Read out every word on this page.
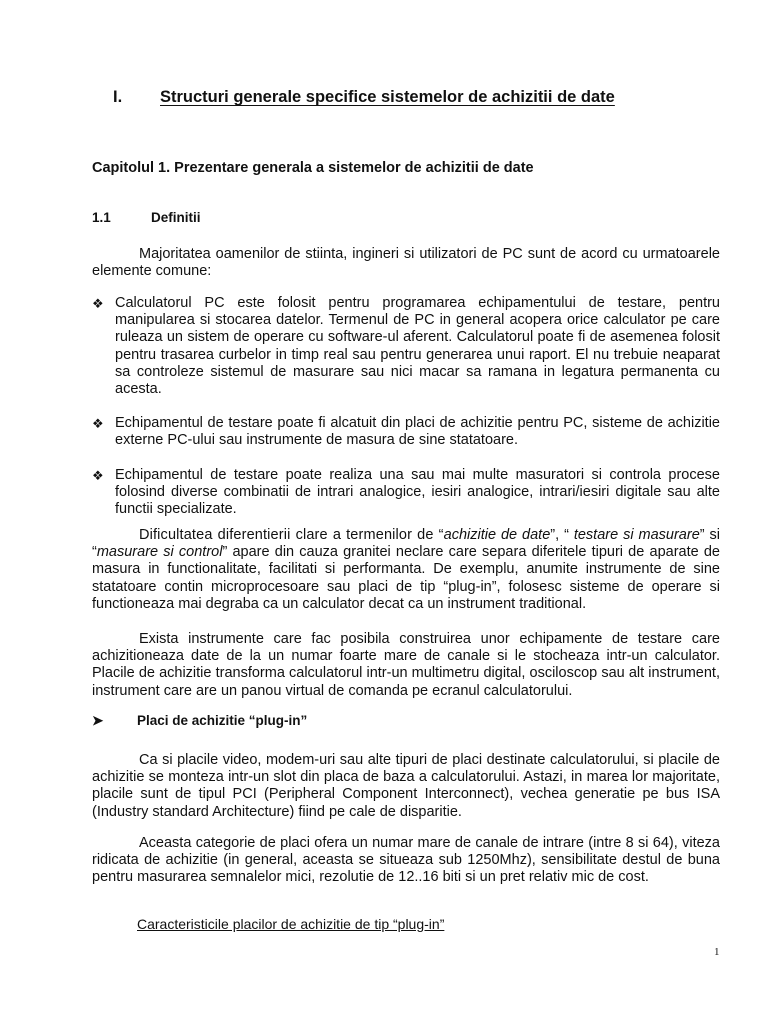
I. Structuri generale specifice sistemelor de achizitii de date
Capitolul 1. Prezentare generala a sistemelor de achizitii de date
1.1	Definitii

Majoritatea oamenilor de stiinta, ingineri si utilizatori de PC sunt de acord cu urmatoarele elemente comune:

❖ Calculatorul PC este folosit pentru programarea echipamentului de testare, pentru manipularea si stocarea datelor. Termenul de PC in general acopera orice calculator pe care ruleaza un sistem de operare cu software-ul aferent. Calculatorul poate fi de asemenea folosit pentru trasarea curbelor in timp real sau pentru generarea unui raport. El nu trebuie neaparat sa controleze sistemul de masurare sau nici macar sa ramana in legatura permanenta cu acesta.
❖ Echipamentul de testare poate fi alcatuit din placi de achizitie pentru PC, sisteme de achizitie externe PC-ului sau instrumente de masura de sine statatoare.
❖ Echipamentul de testare poate realiza una sau mai multe masuratori si controla procese folosind diverse combinatii de intrari analogice, iesiri analogice, intrari/iesiri digitale sau alte functii specializate.

Dificultatea diferentierii clare a termenilor de “achizitie de date”, “ testare si masurare” si “masurare si control” apare din cauza granitei neclare care separa diferitele tipuri de aparate de masura in functionalitate, facilitati si performanta. De exemplu, anumite instrumente de sine statatoare contin microprocesoare sau placi de tip “plug-in”, folosesc sisteme de operare si functioneaza mai degraba ca un calculator decat ca un instrument traditional.

Exista instrumente care fac posibila construirea unor echipamente de testare care achizitioneaza date de la un numar foarte mare de canale si le stocheaza intr-un calculator. Placile de achizitie transforma calculatorul intr-un multimetru digital, osciloscop sau alt instrument, instrument care are un panou virtual de comanda pe ecranul calculatorului.

➤ Placi de achizitie “plug-in”

Ca si placile video, modem-uri sau alte tipuri de placi destinate calculatorului, si placile de achizitie se monteza intr-un slot din placa de baza a calculatorului. Astazi, in marea lor majoritate, placile sunt de tipul PCI (Peripheral Component Interconnect), vechea generatie pe bus ISA (Industry standard Architecture) fiind pe cale de disparitie.

Aceasta categorie de placi ofera un numar mare de canale de intrare (intre 8 si 64), viteza ridicata de achizitie (in general, aceasta se situeaza sub 1250Mhz), sensibilitate destul de buna pentru masurarea semnalelor mici, rezolutie de 12..16 biti si un pret relativ mic de cost.

Caracteristicile placilor de achizitie de tip “plug-in”

1
